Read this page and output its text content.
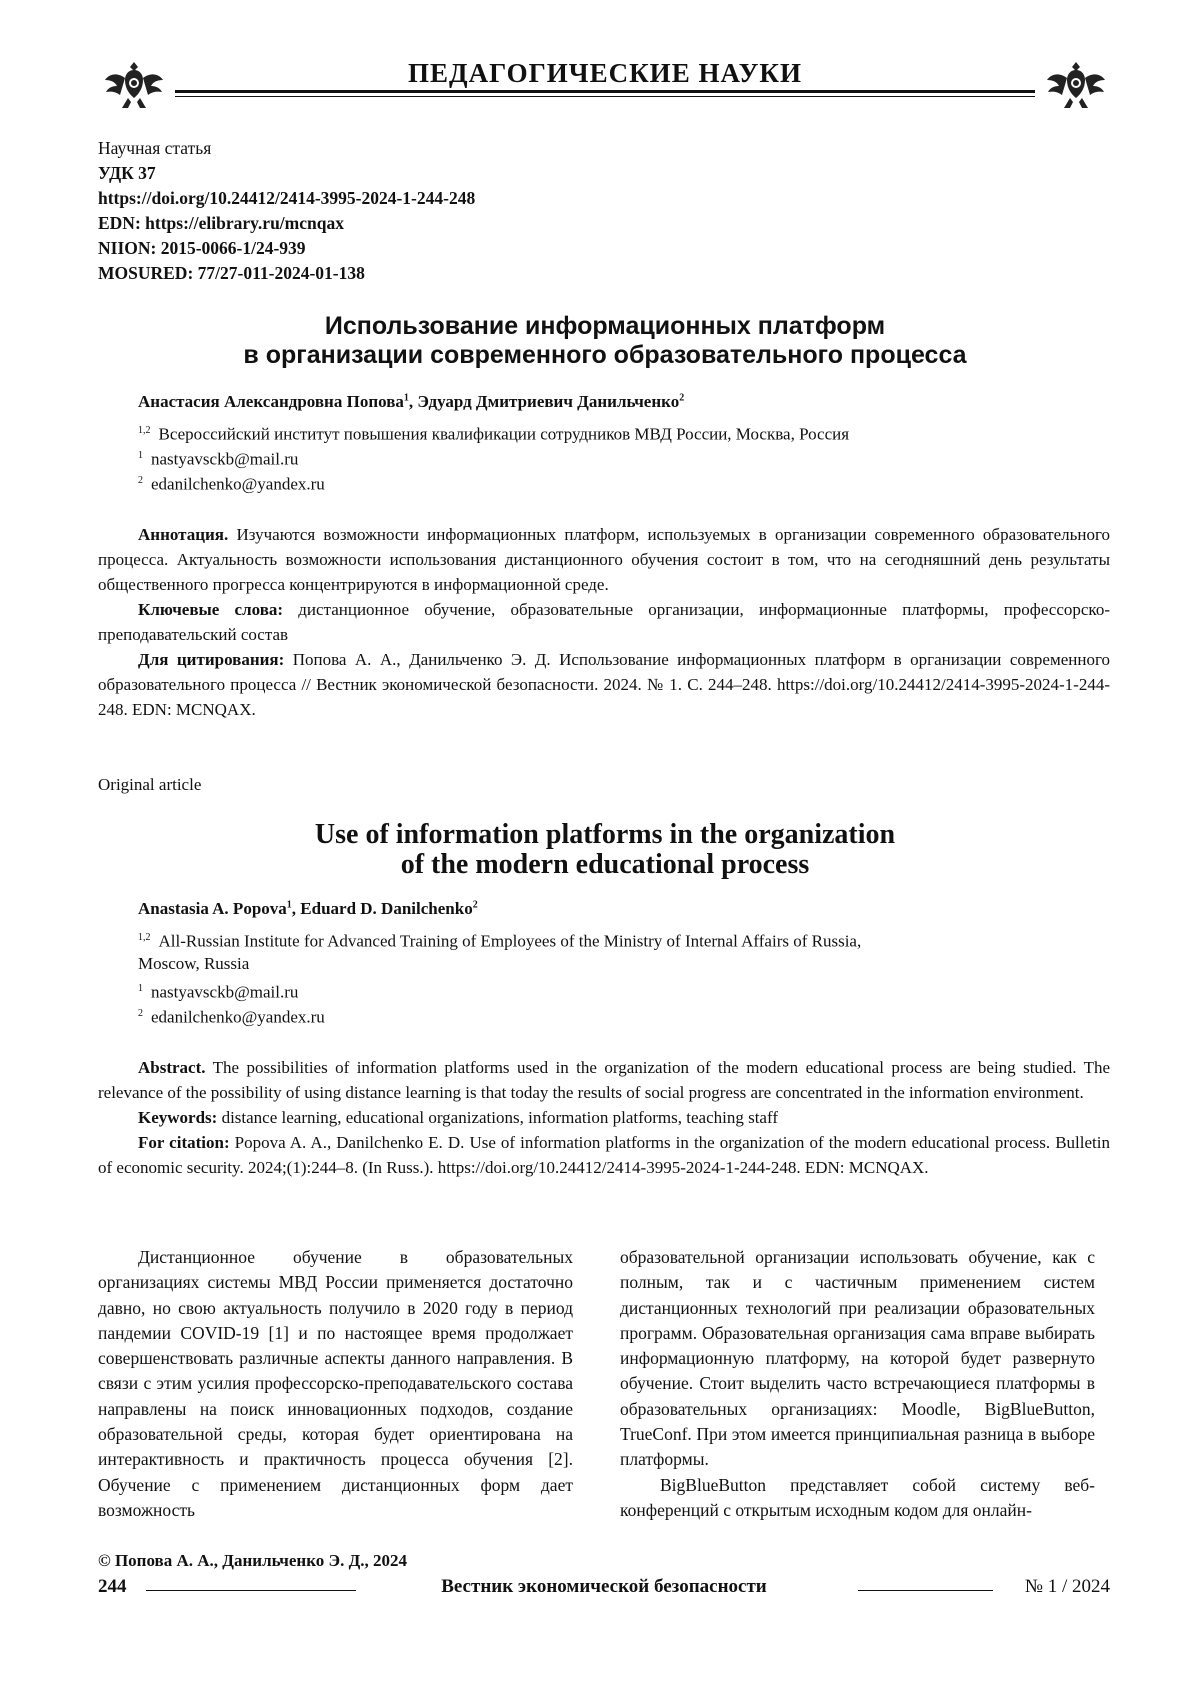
ПЕДАГОГИЧЕСКИЕ НАУКИ
Научная статья
УДК 37
https://doi.org/10.24412/2414-3995-2024-1-244-248
EDN: https://elibrary.ru/mcnqax
NIION: 2015-0066-1/24-939
MOSURED: 77/27-011-2024-01-138
Использование информационных платформ
в организации современного образовательного процесса
Анастасия Александровна Попова$^1$, Эдуард Дмитриевич Данильченко$^2$
$^{1,2}$ Всероссийский институт повышения квалификации сотрудников МВД России, Москва, Россия
$^1$ nastyavsckb@mail.ru
$^2$ edanilchenko@yandex.ru

Аннотация. Изучаются возможности информационных платформ, используемых в организации современного образовательного процесса. Актуальность возможности использования дистанционного обучения состоит в том, что на сегодняшний день результаты общественного прогресса концентрируются в информационной среде.

Ключевые слова: дистанционное обучение, образовательные организации, информационные платформы, профессорско-преподавательский состав

Для цитирования: Попова А. А., Данильченко Э. Д. Использование информационных платформ в организации современного образовательного процесса // Вестник экономической безопасности. 2024. № 1. С. 244–248. https://doi.org/10.24412/2414-3995-2024-1-244-248. EDN: MCNQAX.

Original article
Use of information platforms in the organization
of the modern educational process
Anastasia A. Popova$^1$, Eduard D. Danilchenko$^2$
$^{1,2}$ All-Russian Institute for Advanced Training of Employees of the Ministry of Internal Affairs of Russia,
Moscow, Russia
$^1$ nastyavsckb@mail.ru
$^2$ edanilchenko@yandex.ru

Abstract. The possibilities of information platforms used in the organization of the modern educational process are being studied. The relevance of the possibility of using distance learning is that today the results of social progress are concentrated in the information environment.

Keywords: distance learning, educational organizations, information platforms, teaching staff

For citation: Popova A. A., Danilchenko E. D. Use of information platforms in the organization of the modern educational process. Bulletin of economic security. 2024;(1):244–8. (In Russ.). https://doi.org/10.24412/2414-3995-2024-1-244-248. EDN: MCNQAX.

Дистанционное обучение в образовательных организациях системы МВД России применяется достаточно давно, но свою актуальность получило в 2020 году в период пандемии COVID-19 [1] и по настоящее время продолжает совершенствовать различные аспекты данного направления. В связи с этим усилия профессорско-преподавательского состава направлены на поиск инновационных подходов, создание образовательной среды, которая будет ориентирована на интерактивность и практичность процесса обучения [2]. Обучение с применением дистанционных форм дает возможность

образовательной организации использовать обучение, как с полным, так и с частичным применением систем дистанционных технологий при реализации образовательных программ. Образовательная организация сама вправе выбирать информационную платформу, на которой будет развернуто обучение. Стоит выделить часто встречающиеся платформы в образовательных организациях: Moodle, BigBlueButton, TrueConf. При этом имеется принципиальная разница в выборе платформы.

BigBlueButton представляет собой систему веб-конференций с открытым исходным кодом для онлайн-

© Попова А. А., Данильченко Э. Д., 2024
244	Вестник экономической безопасности	№ 1 / 2024
